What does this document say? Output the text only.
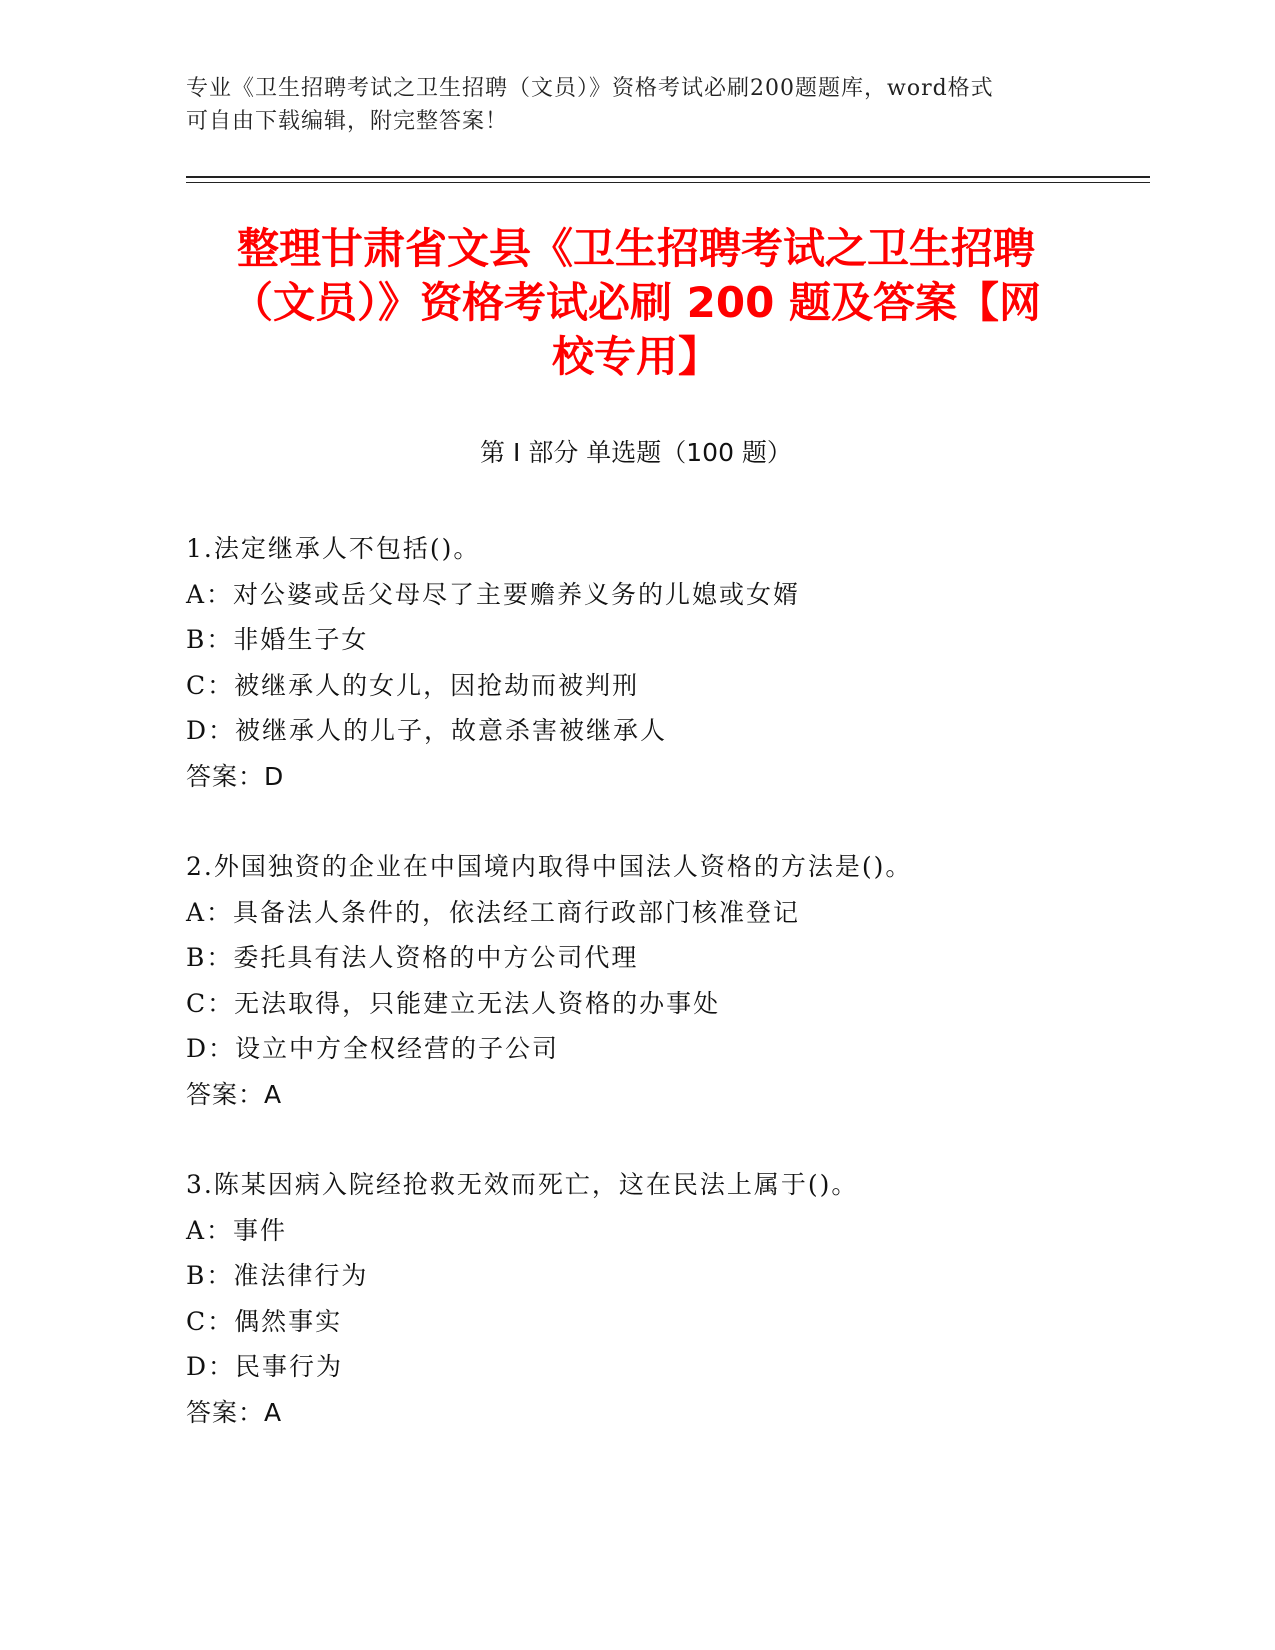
专业《卫生招聘考试之卫生招聘（文员）》资格考试必刷200题题库，word格式
可自由下载编辑，附完整答案！
整理甘肃省文县《卫生招聘考试之卫生招聘
（文员）》资格考试必刷 200 题及答案【网
校专用】
第 I 部分 单选题（100 题）
1.法定继承人不包括()。
A：对公婆或岳父母尽了主要赡养义务的儿媳或女婿
B：非婚生子女
C：被继承人的女儿，因抢劫而被判刑
D：被继承人的儿子，故意杀害被继承人
答案：D
2.外国独资的企业在中国境内取得中国法人资格的方法是()。
A：具备法人条件的，依法经工商行政部门核准登记
B：委托具有法人资格的中方公司代理
C：无法取得，只能建立无法人资格的办事处
D：设立中方全权经营的子公司
答案：A
3.陈某因病入院经抢救无效而死亡，这在民法上属于()。
A：事件
B：准法律行为
C：偶然事实
D：民事行为
答案：A
